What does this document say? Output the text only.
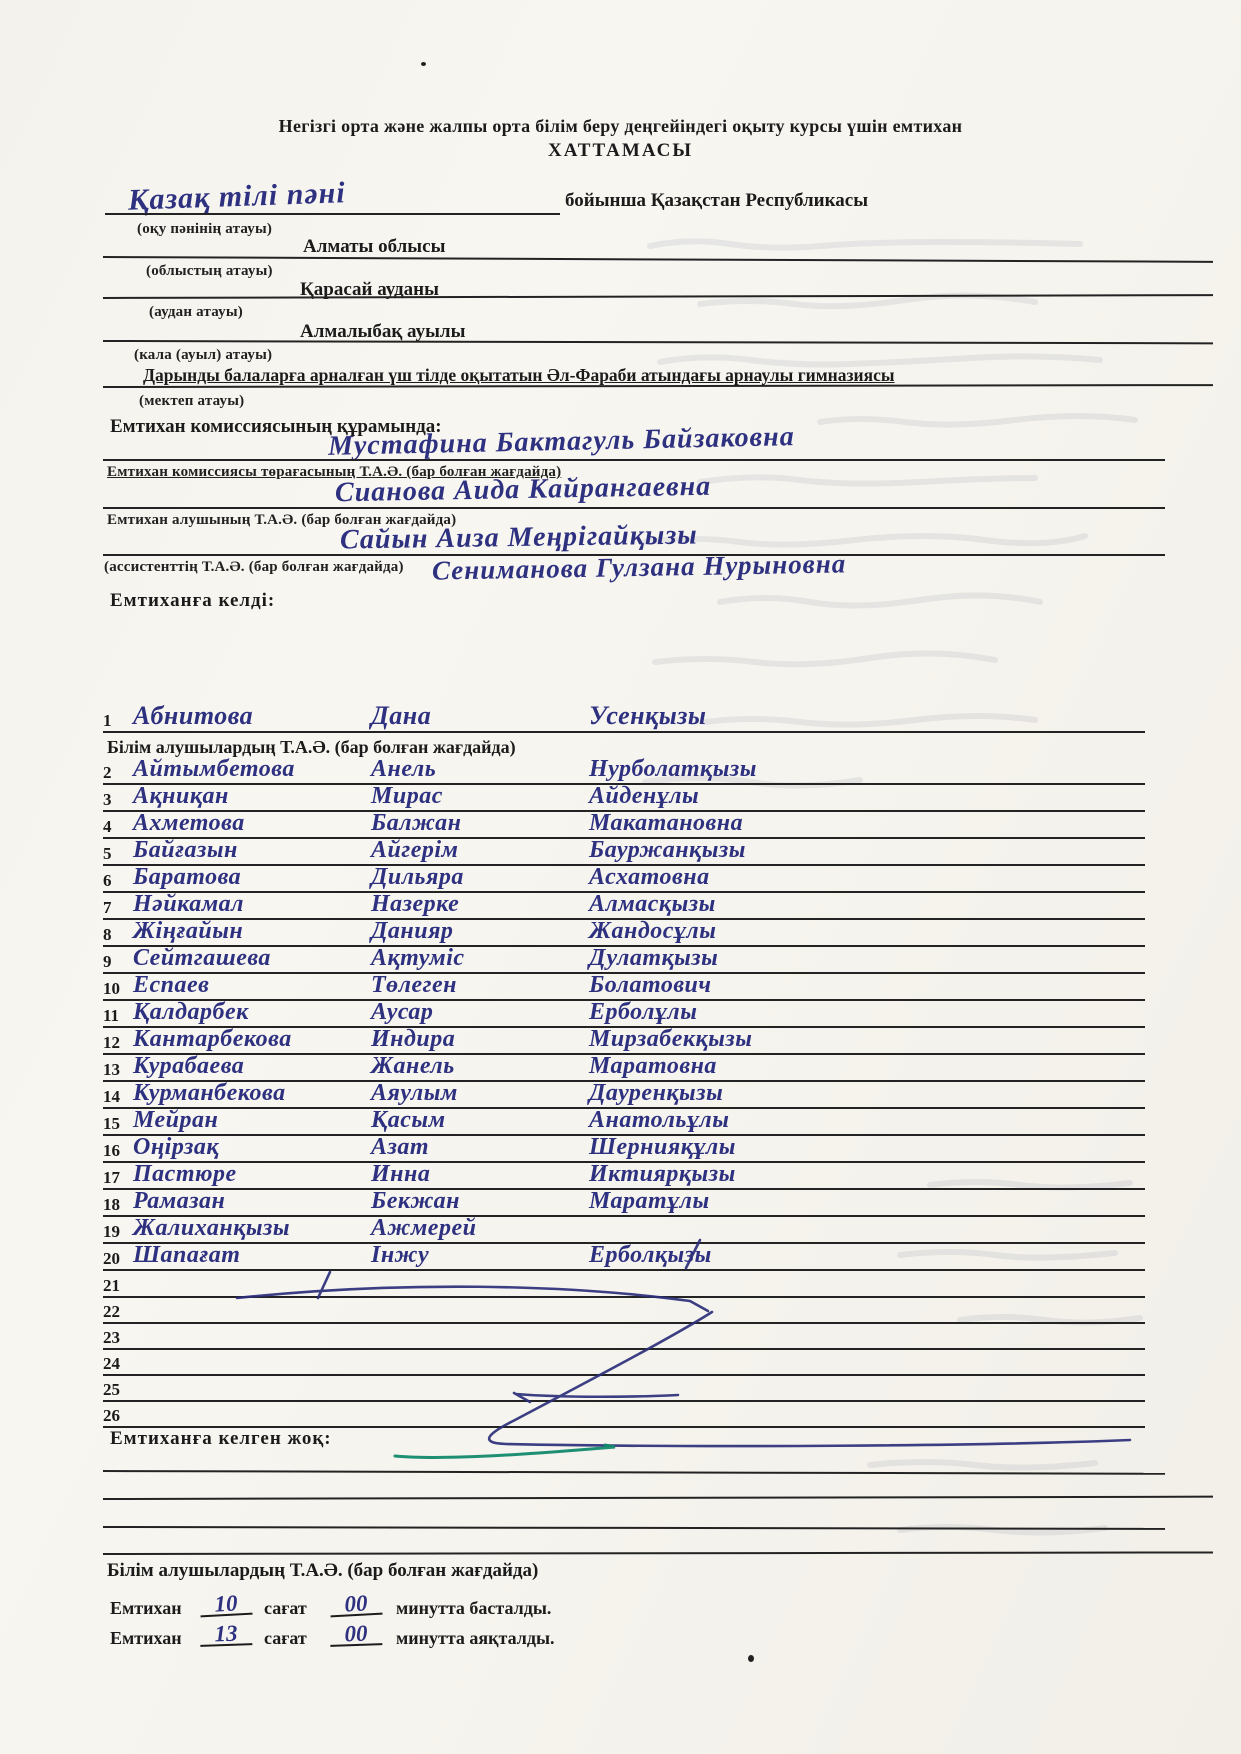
Негізгі орта және жалпы орта білім беру деңгейіндегі оқыту курсы үшін емтихан
ХАТТАМАСЫ
Қазақ тілі пәні	бойынша Қазақстан Республикасы
(оқу пәнінің атауы)
Алматы облысы
(облыстың атауы)
Қарасай ауданы
(аудан атауы)
Алмалыбақ ауылы
(кала (ауыл) атауы)
Дарынды балаларға арналған үш тілде оқытатын Әл-Фараби атындағы арнаулы гимназиясы
(мектеп атауы)
Емтихан комиссиясының құрамында:
Мустафина Бактагуль Байзаковна
Емтихан комиссиясы төрағасының Т.А.Ә. (бар болған жағдайда)
Сианова Аида Кайрангаевна
Емтихан алушының Т.А.Ә. (бар болған жағдайда)
Сайын Аиза Меңрігайқызы
(ассистенттің Т.А.Ә. (бар болған жағдайда) Сениманова Гулзана Нурыновна
Емтиханға келді:
1 Абнитова	Дана	Усенқызы
Білім алушылардың Т.А.Ә. (бар болған жағдайда)
2 Айтымбетова	Анель	Нурболатқызы
3 Ақниқан	Мирас	Айденұлы
4 Ахметова	Балжан	Макатановна
5 Байғазын	Айгерім	Бауржанқызы
6 Баратова	Дильяра	Асхатовна
7 Нәйкамал	Назерке	Алмасқызы
8 Жіңғайын	Данияр	Жандосұлы
9 Сейтгашева	Ақтуміс	Дулатқызы
10 Еспаев	Төлеген	Болатович
11 Қалдарбек	Аусар	Ерболұлы
12 Кантарбекова	Индира	Мирзабекқызы
13 Курабаева	Жанель	Маратовна
14 Курманбекова	Аяулым	Дауренқызы
15 Мейран	Қасым	Анатольұлы
16 Оңірзақ	Азат	Шернияқұлы
17 Пастюре	Инна	Иктиярқызы
18 Рамазан	Бекжан	Маратұлы
19 Жалиханқызы	Ажмерей
20 Шапағат	Інжу	Ерболқызы
21
22
23
24
25
26
Емтиханға келген жоқ:
Білім алушылардың Т.А.Ә. (бар болған жағдайда)
Емтихан	10	сағат	00	минутта басталды.
Емтихан	13	сағат	00	минутта аяқталды.
